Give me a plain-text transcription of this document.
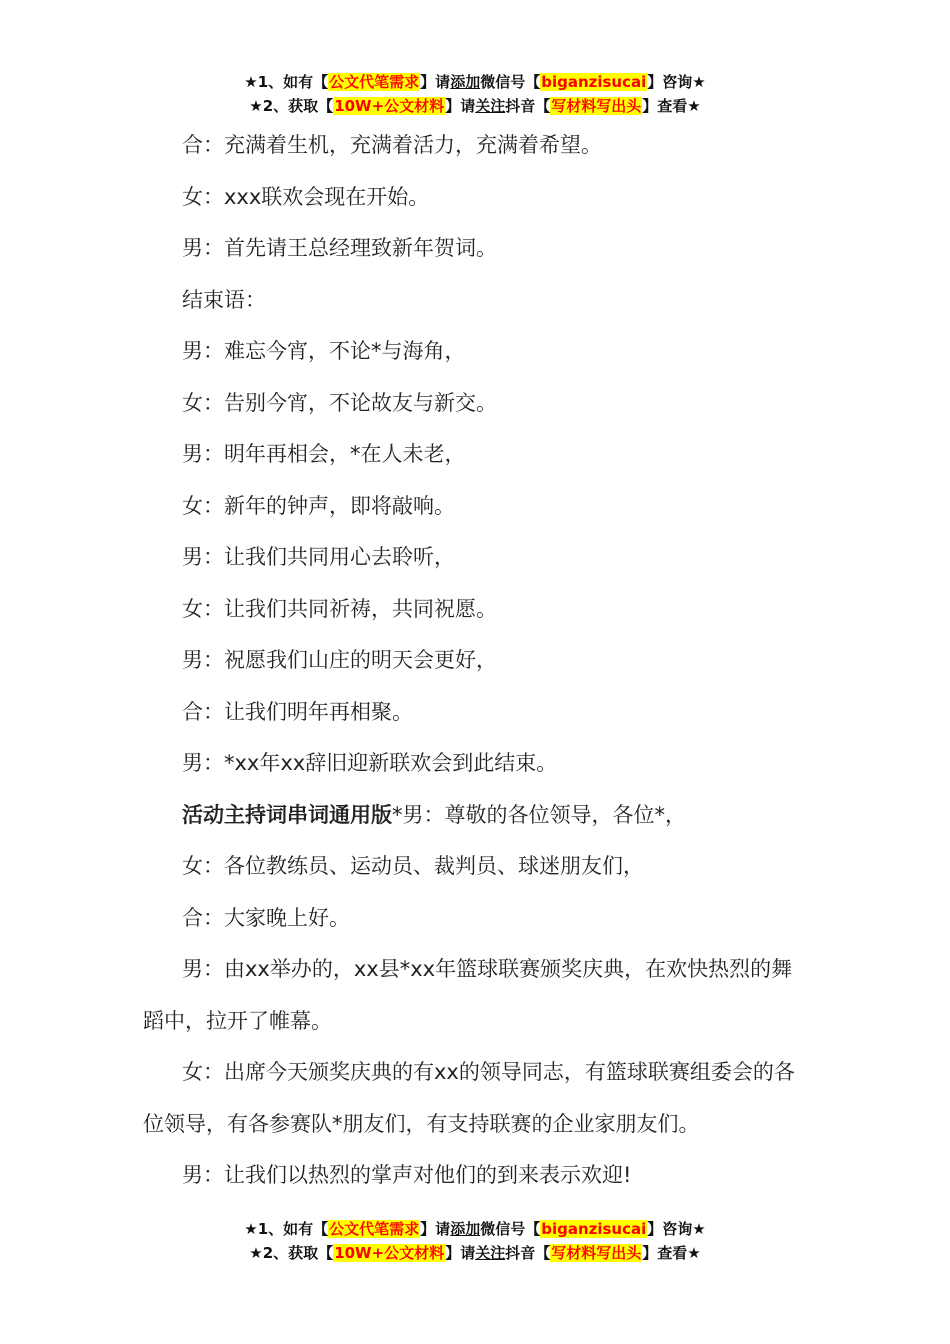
★1、如有【公文代笔需求】请添加微信号【biganzisucai】咨询★
★2、获取【10W+公文材料】请关注抖音【写材料写出头】查看★
合：充满着生机，充满着活力，充满着希望。
女：xxx联欢会现在开始。
男：首先请王总经理致新年贺词。
结束语：
男：难忘今宵，不论*与海角，
女：告别今宵，不论故友与新交。
男：明年再相会，*在人未老，
女：新年的钟声，即将敲响。
男：让我们共同用心去聆听，
女：让我们共同祈祷，共同祝愿。
男：祝愿我们山庄的明天会更好，
合：让我们明年再相聚。
男：*xx年xx辞旧迎新联欢会到此结束。
活动主持词串词通用版*男：尊敬的各位领导，各位*，
女：各位教练员、运动员、裁判员、球迷朋友们，
合：大家晚上好。
男：由xx举办的，xx县*xx年篮球联赛颁奖庆典，在欢快热烈的舞蹈中，拉开了帷幕。
女：出席今天颁奖庆典的有xx的领导同志，有篮球联赛组委会的各位领导，有各参赛队*朋友们，有支持联赛的企业家朋友们。
男：让我们以热烈的掌声对他们的到来表示欢迎!
★1、如有【公文代笔需求】请添加微信号【biganzisucai】咨询★
★2、获取【10W+公文材料】请关注抖音【写材料写出头】查看★
